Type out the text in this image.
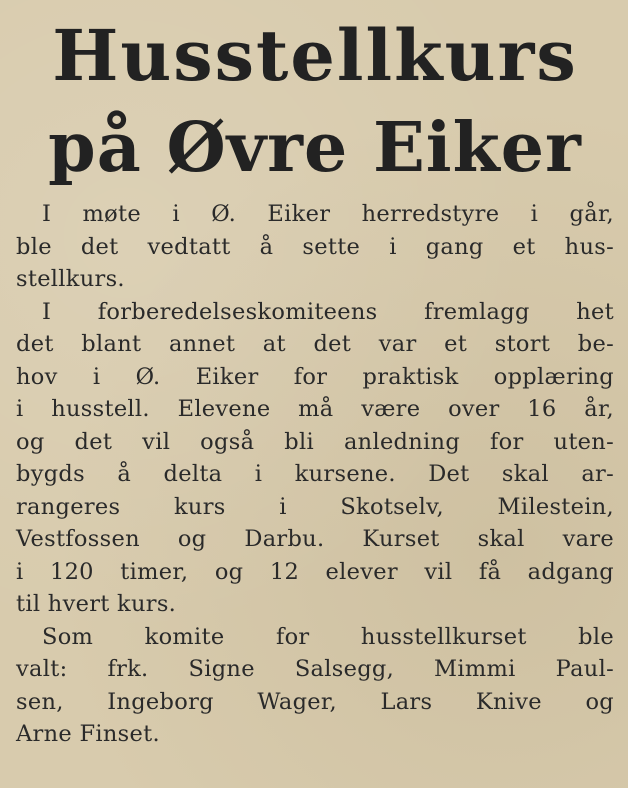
Husstellkurs
på Øvre Eiker

I møte i Ø. Eiker herredstyre i går,
ble det vedtatt å sette i gang et hus-
stellkurs.

I forberedelseskomiteens fremlagg het
det blant annet at det var et stort be-
hov i Ø. Eiker for praktisk opplæring
i husstell. Elevene må være over 16 år,
og det vil også bli anledning for uten-
bygds å delta i kursene. Det skal ar-
rangeres kurs i Skotselv, Milestein,
Vestfossen og Darbu. Kurset skal vare
i 120 timer, og 12 elever vil få adgang
til hvert kurs.

Som komite for husstellkurset ble
valt: frk. Signe Salsegg, Mimmi Paul-
sen, Ingeborg Wager, Lars Knive og
Arne Finset.
